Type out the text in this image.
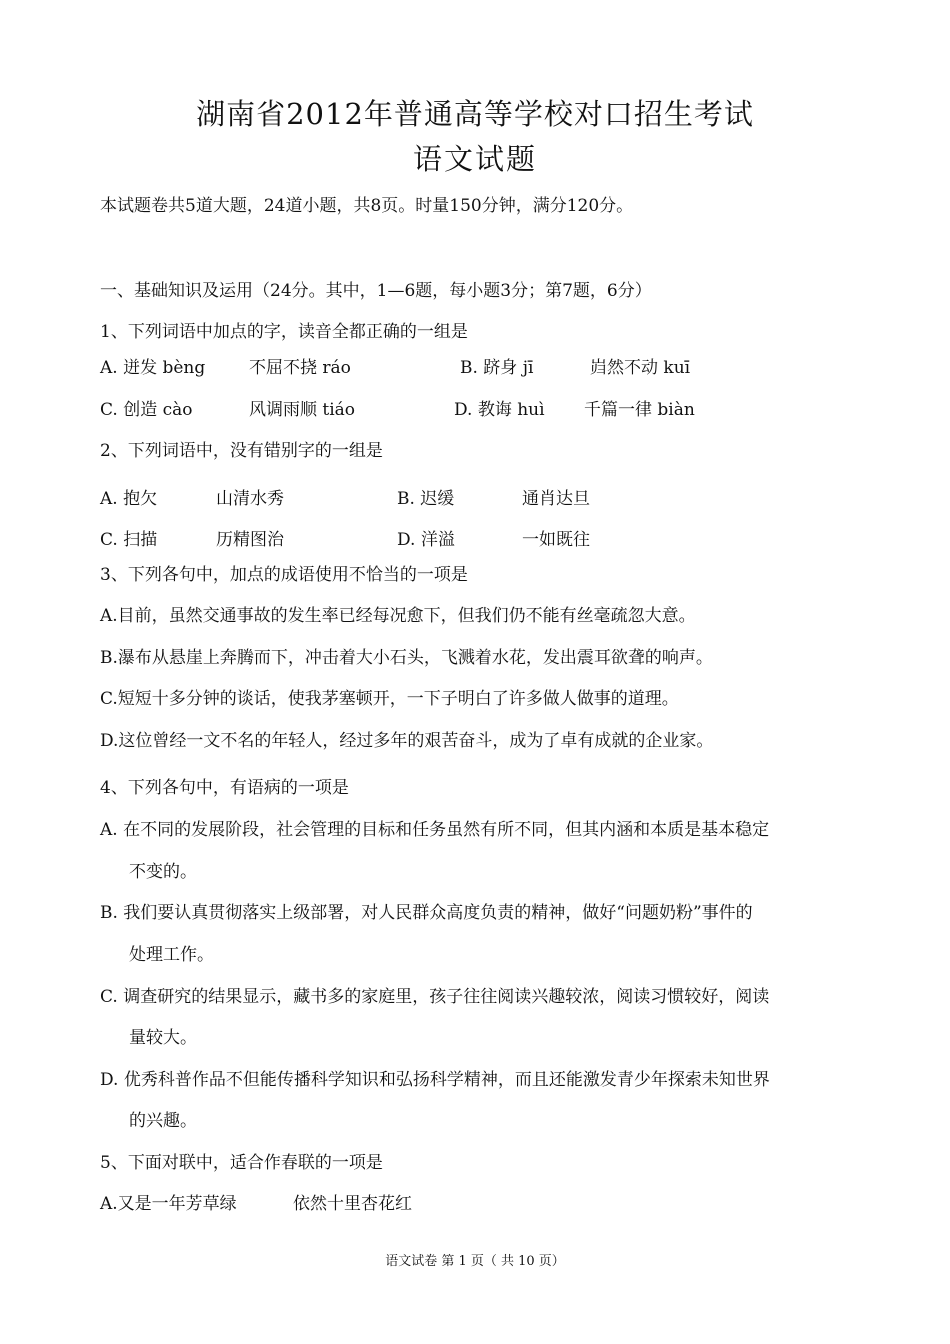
湖南省2012年普通高等学校对口招生考试
语文试题
本试题卷共5道大题，24道小题，共8页。时量150分钟，满分120分。
一、基础知识及运用（24分。其中，1—6题，每小题3分；第7题，6分）
1、下列词语中加点的字，读音全都正确的一组是
A. 迸发 bèng	不屈不挠 ráo	B. 跻身 jī	岿然不动 kuī
C. 创造 cào	风调雨顺 tiáo	D. 教诲 huì 千篇一律 biàn
2、下列词语中，没有错别字的一组是
A. 抱欠	山清水秀	B. 迟缓	通肖达旦
C. 扫描	历精图治	D. 洋溢	一如既往
3、下列各句中，加点的成语使用不恰当的一项是
A.目前，虽然交通事故的发生率已经每况愈下，但我们仍不能有丝毫疏忽大意。
B.瀑布从悬崖上奔腾而下，冲击着大小石头，飞溅着水花，发出震耳欲聋的响声。
C.短短十多分钟的谈话，使我茅塞顿开，一下子明白了许多做人做事的道理。
D.这位曾经一文不名的年轻人，经过多年的艰苦奋斗，成为了卓有成就的企业家。
4、下列各句中，有语病的一项是
A. 在不同的发展阶段，社会管理的目标和任务虽然有所不同，但其内涵和本质是基本稳定
不变的。
B. 我们要认真贯彻落实上级部署，对人民群众高度负责的精神，做好“问题奶粉”事件的
处理工作。
C. 调查研究的结果显示，藏书多的家庭里，孩子往往阅读兴趣较浓，阅读习惯较好，阅读
量较大。
D. 优秀科普作品不但能传播科学知识和弘扬科学精神，而且还能激发青少年探索未知世界
的兴趣。
5、下面对联中，适合作春联的一项是
A.又是一年芳草绿	依然十里杏花红
语文试卷 第 1 页（ 共 10 页）
